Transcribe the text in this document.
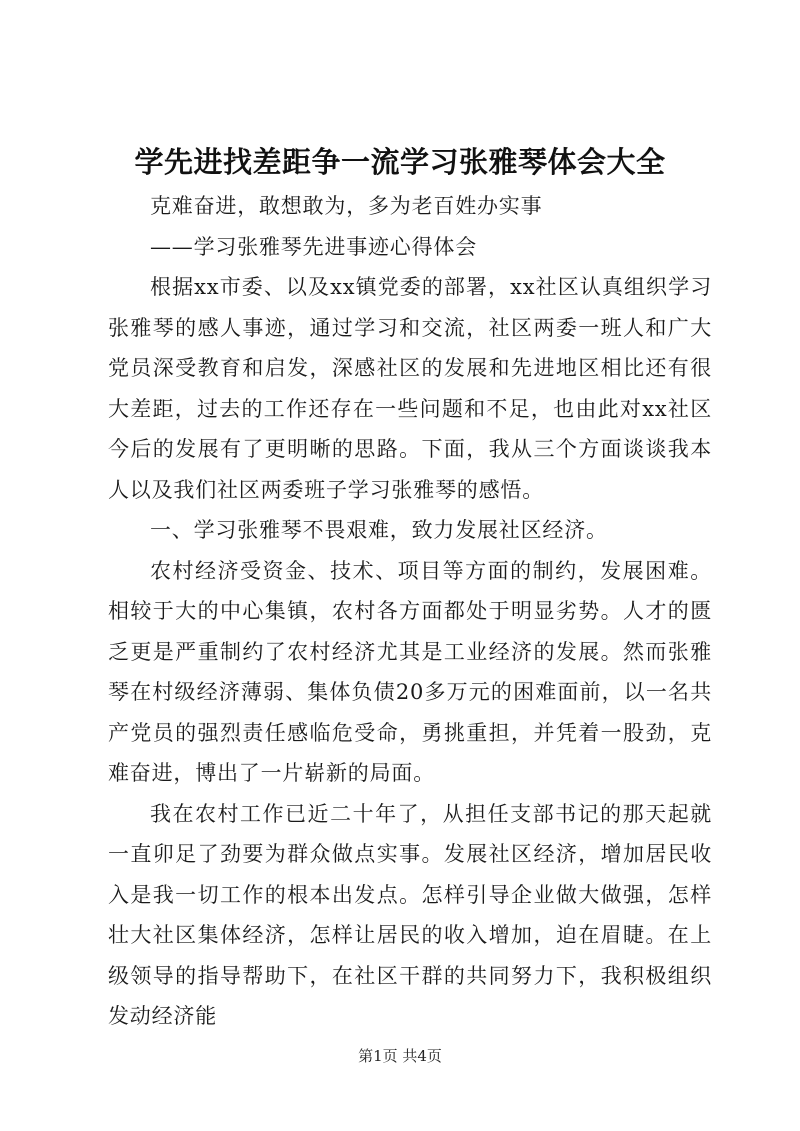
学先进找差距争一流学习张雅琴体会大全

克难奋进，敢想敢为，多为老百姓办实事

——学习张雅琴先进事迹心得体会

根据xx市委、以及xx镇党委的部署，xx社区认真组织学习张雅琴的感人事迹，通过学习和交流，社区两委一班人和广大党员深受教育和启发，深感社区的发展和先进地区相比还有很大差距，过去的工作还存在一些问题和不足，也由此对xx社区今后的发展有了更明晰的思路。下面，我从三个方面谈谈我本人以及我们社区两委班子学习张雅琴的感悟。

一、学习张雅琴不畏艰难，致力发展社区经济。

农村经济受资金、技术、项目等方面的制约，发展困难。相较于大的中心集镇，农村各方面都处于明显劣势。人才的匮乏更是严重制约了农村经济尤其是工业经济的发展。然而张雅琴在村级经济薄弱、集体负债20多万元的困难面前，以一名共产党员的强烈责任感临危受命，勇挑重担，并凭着一股劲，克难奋进，博出了一片崭新的局面。

我在农村工作已近二十年了，从担任支部书记的那天起就一直卯足了劲要为群众做点实事。发展社区经济，增加居民收入是我一切工作的根本出发点。怎样引导企业做大做强，怎样壮大社区集体经济，怎样让居民的收入增加，迫在眉睫。在上级领导的指导帮助下，在社区干群的共同努力下，我积极组织发动经济能

第1页 共4页
